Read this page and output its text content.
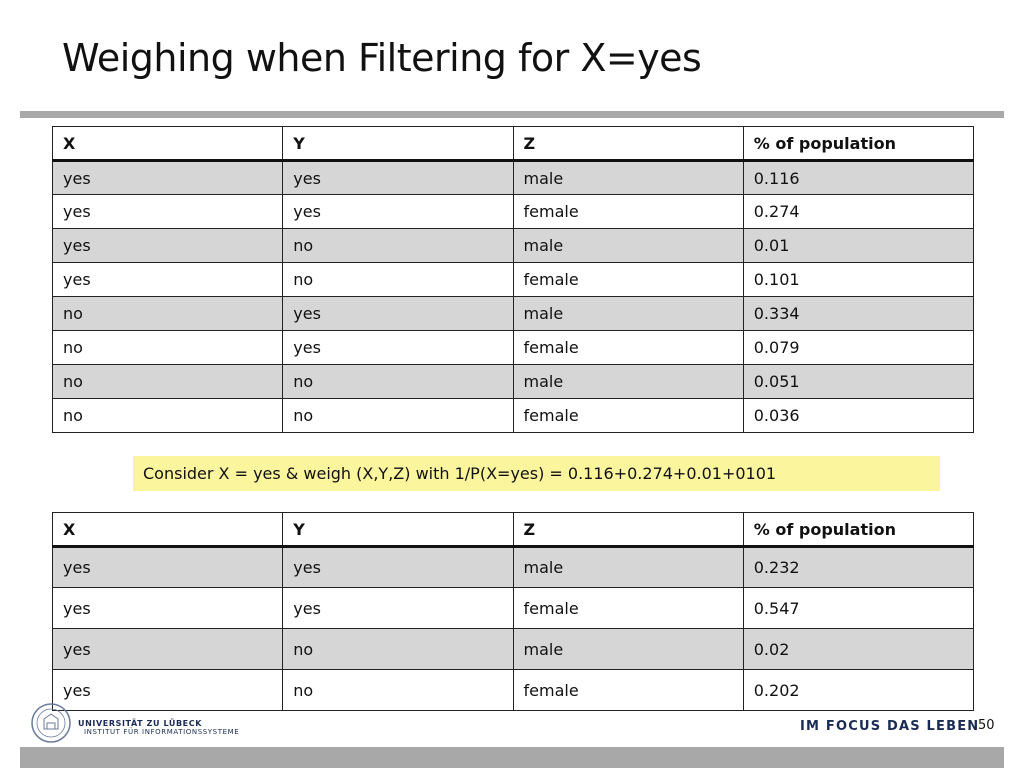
Weighing when Filtering for X=yes
X	Y	Z	% of population
yes	yes	male	0.116
yes	yes	female	0.274
yes	no	male	0.01
yes	no	female	0.101
no	yes	male	0.334
no	yes	female	0.079
no	no	male	0.051
no	no	female	0.036
Consider X = yes & weigh (X,Y,Z) with 1/P(X=yes) = 0.116+0.274+0.01+0101
X	Y	Z	% of population
yes	yes	male	0.232
yes	yes	female	0.547
yes	no	male	0.02
yes	no	female	0.202
UNIVERSITÄT ZU LÜBECK
INSTITUT FÜR INFORMATIONSSYSTEME	IM FOCUS DAS LEBEN
50
